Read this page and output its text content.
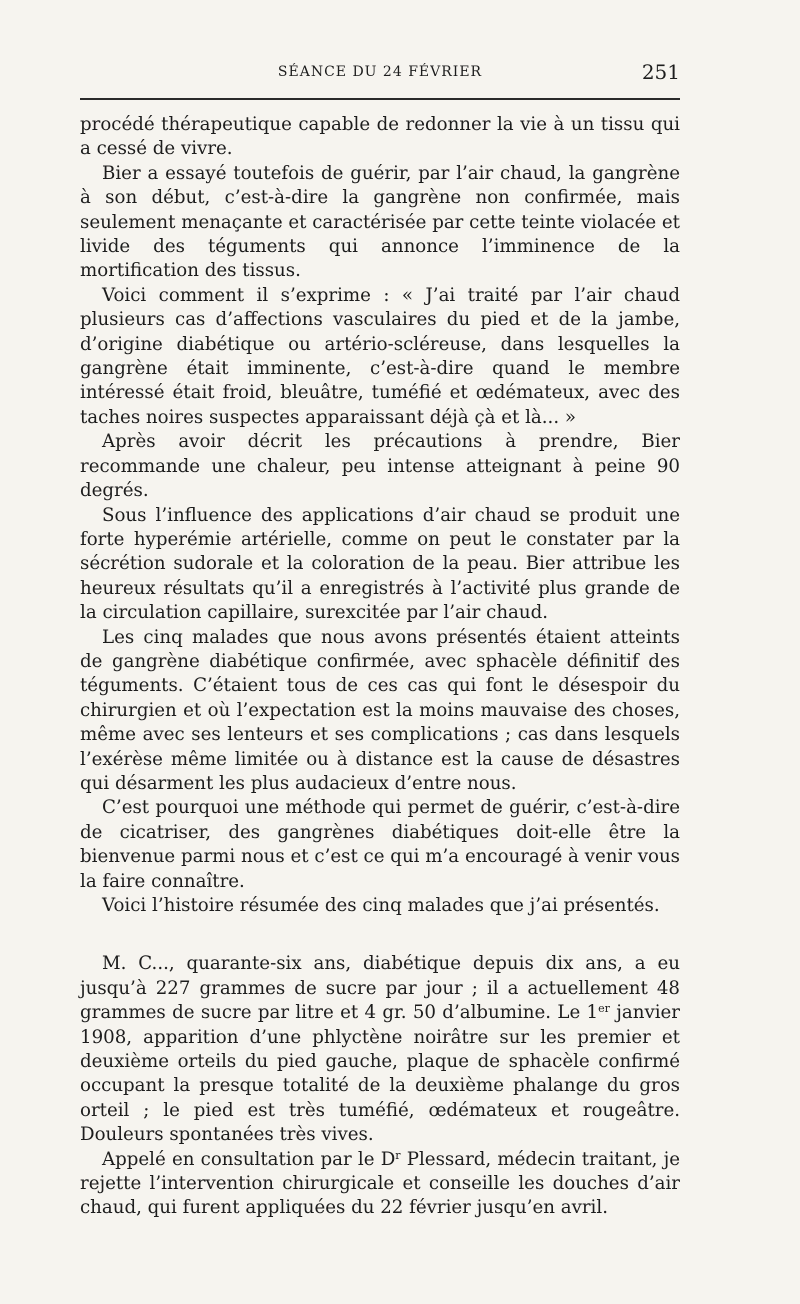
SÉANCE DU 24 FÉVRIER	251

procédé thérapeutique capable de redonner la vie à un tissu qui a cessé de vivre.

Bier a essayé toutefois de guérir, par l’air chaud, la gangrène à son début, c’est-à-dire la gangrène non confirmée, mais seulement menaçante et caractérisée par cette teinte violacée et livide des téguments qui annonce l’imminence de la mortification des tissus.

Voici comment il s’exprime : « J’ai traité par l’air chaud plusieurs cas d’affections vasculaires du pied et de la jambe, d’origine diabétique ou artério-scléreuse, dans lesquelles la gangrène était imminente, c’est-à-dire quand le membre intéressé était froid, bleuâtre, tuméfié et œdémateux, avec des taches noires suspectes apparaissant déjà çà et là... »

Après avoir décrit les précautions à prendre, Bier recommande une chaleur, peu intense atteignant à peine 90 degrés.

Sous l’influence des applications d’air chaud se produit une forte hyperémie artérielle, comme on peut le constater par la sécrétion sudorale et la coloration de la peau. Bier attribue les heureux résultats qu’il a enregistrés à l’activité plus grande de la circulation capillaire, surexcitée par l’air chaud.

Les cinq malades que nous avons présentés étaient atteints de gangrène diabétique confirmée, avec sphacèle définitif des téguments. C’étaient tous de ces cas qui font le désespoir du chirurgien et où l’expectation est la moins mauvaise des choses, même avec ses lenteurs et ses complications ; cas dans lesquels l’exérèse même limitée ou à distance est la cause de désastres qui désarment les plus audacieux d’entre nous.

C’est pourquoi une méthode qui permet de guérir, c’est-à-dire de cicatriser, des gangrènes diabétiques doit-elle être la bienvenue parmi nous et c’est ce qui m’a encouragé à venir vous la faire connaître.

Voici l’histoire résumée des cinq malades que j’ai présentés.

M. C..., quarante-six ans, diabétique depuis dix ans, a eu jusqu’à 227 grammes de sucre par jour ; il a actuellement 48 grammes de sucre par litre et 4 gr. 50 d’albumine. Le 1er janvier 1908, apparition d’une phlyctène noirâtre sur les premier et deuxième orteils du pied gauche, plaque de sphacèle confirmé occupant la presque totalité de la deuxième phalange du gros orteil ; le pied est très tuméfié, œdémateux et rougeâtre. Douleurs spontanées très vives.

Appelé en consultation par le $D^r$ Plessard, médecin traitant, je rejette l’intervention chirurgicale et conseille les douches d’air chaud, qui furent appliquées du 22 février jusqu’en avril.
